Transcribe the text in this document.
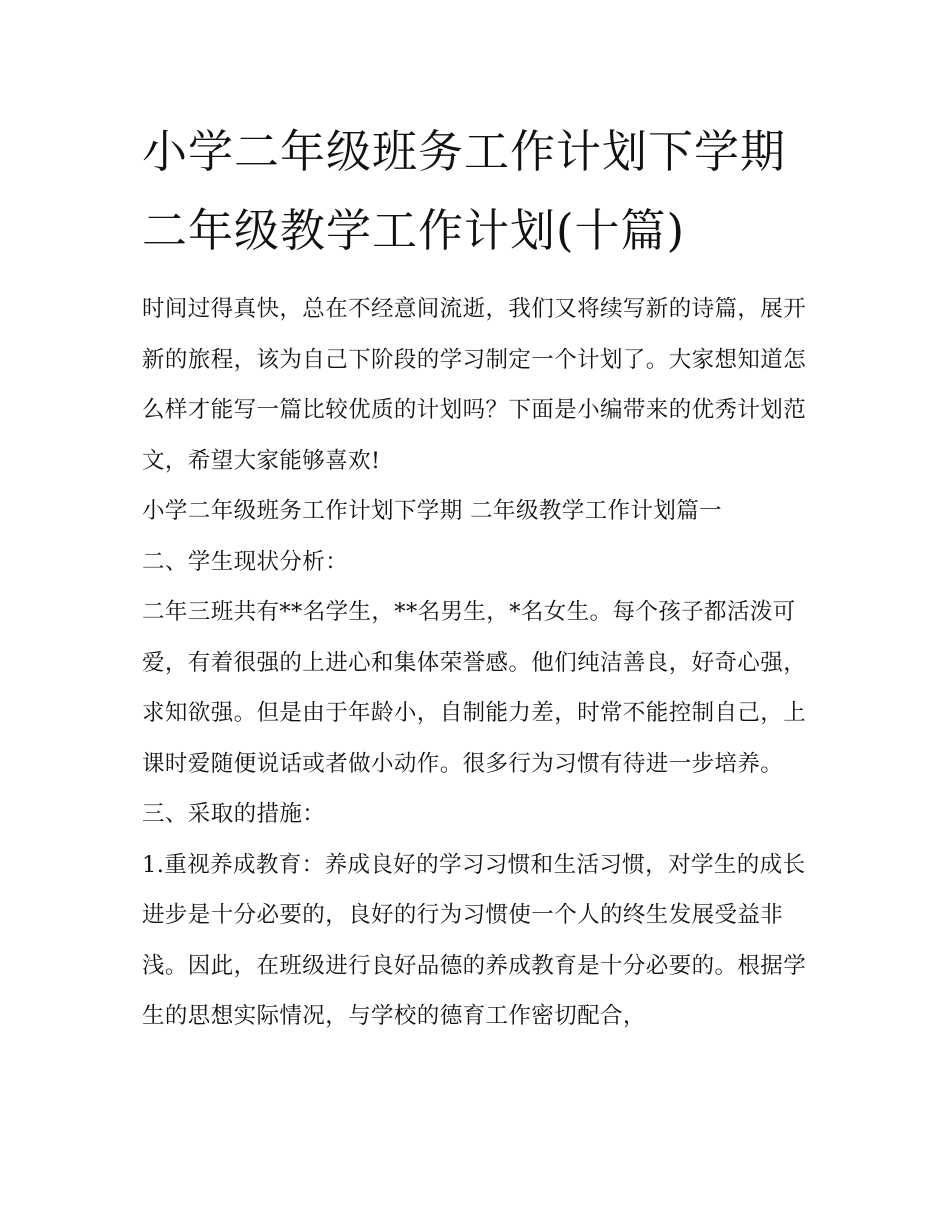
小学二年级班务工作计划下学期 二年级教学工作计划(十篇)

时间过得真快，总在不经意间流逝，我们又将续写新的诗篇，展开新的旅程，该为自己下阶段的学习制定一个计划了。大家想知道怎么样才能写一篇比较优质的计划吗？下面是小编带来的优秀计划范文，希望大家能够喜欢!

小学二年级班务工作计划下学期 二年级教学工作计划篇一

二、学生现状分析：

二年三班共有**名学生，**名男生，*名女生。每个孩子都活泼可爱，有着很强的上进心和集体荣誉感。他们纯洁善良，好奇心强，求知欲强。但是由于年龄小，自制能力差，时常不能控制自己，上课时爱随便说话或者做小动作。很多行为习惯有待进一步培养。

三、采取的措施：

1.重视养成教育：养成良好的学习习惯和生活习惯，对学生的成长进步是十分必要的，良好的行为习惯使一个人的终生发展受益非浅。因此，在班级进行良好品德的养成教育是十分必要的。根据学生的思想实际情况，与学校的德育工作密切配合，
